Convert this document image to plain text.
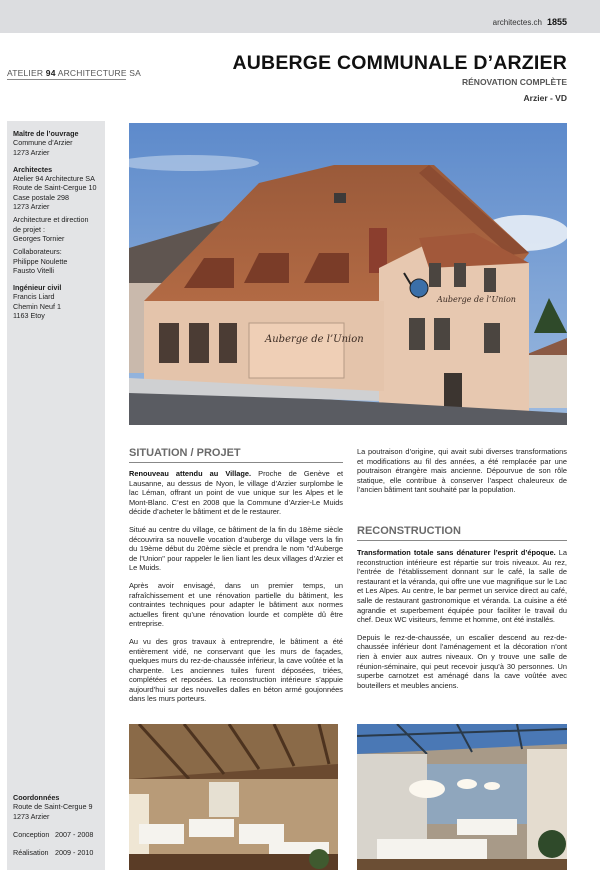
architectes.ch 1855
ATELIER 94 ARCHITECTURE SA	AUBERGE COMMUNALE D’ARZIER
RÉNOVATION COMPLÈTE
Arzier - VD
Maître de l’ouvrage
Commune d’Arzier
1273 Arzier
Architectes
Atelier 94 Architecture SA
Route de Saint-Cergue 10
Case postale 298
1273 Arzier
Architecture et direction
de projet :
Georges Tornier
Collaborateurs:
Philippe Noulette
Fausto Vitelli
Ingénieur civil
Francis Liard
Chemin Neuf 1
1163 Etoy
Coordonnées
Route de Saint-Cergue 9
1273 Arzier
Conception 2007 - 2008
Réalisation 2009 - 2010
Auberge de l’Union
Auberge de l’Union
SITUATION / PROJET

Renouveau attendu au Village. Proche de Genève et Lausanne, au dessus de Nyon, le village d’Arzier surplombe le lac Léman, offrant un point de vue unique sur les Alpes et le Mont-Blanc. C’est en 2008 que la Commune d’Arzier-Le Muids décide d’acheter le bâtiment et de le restaurer.

Situé au centre du village, ce bâtiment de la fin du 18ème siècle découvrira sa nouvelle vocation d’auberge du village vers la fin du 19ème début du 20ème siècle et prendra le nom "d’Auberge de l’Union" pour rappeler le lien liant les deux villages d’Arzier et Le Muids.

Après avoir envisagé, dans un premier temps, un rafraîchissement et une rénovation partielle du bâtiment, les contraintes techniques pour adapter le bâtiment aux normes actuelles firent qu’une rénovation lourde et complète dû être entreprise.

Au vu des gros travaux à entreprendre, le bâtiment a été entièrement vidé, ne conservant que les murs de façades, quelques murs du rez-de-chaussée inférieur, la cave voûtée et la charpente. Les anciennes tuiles furent déposées, triées, complétées et reposées. La reconstruction intérieure s’appuie aujourd’hui sur des nouvelles dalles en béton armé goujonnées dans les murs porteurs.

La poutraison d’origine, qui avait subi diverses transformations et modifications au fil des années, a été remplacée par une poutraison étrangère mais ancienne. Dépourvue de son rôle statique, elle contribue à conserver l’aspect chaleureux de l’ancien bâtiment tant souhaité par la population.

RECONSTRUCTION

Transformation totale sans dénaturer l’esprit d’époque. La reconstruction intérieure est répartie sur trois niveaux. Au rez, l’entrée de l’établissement donnant sur le café, la salle de restaurant et la véranda, qui offre une vue magnifique sur le Lac et Les Alpes. Au centre, le bar permet un service direct au café, salle de restaurant gastronomique et véranda. La cuisine a été agrandie et superbement équipée pour faciliter le travail du chef. Deux WC visiteurs, femme et homme, ont été installés.

Depuis le rez-de-chaussée, un escalier descend au rez-de-chaussée inférieur dont l’aménagement et la décoration n’ont rien à envier aux autres niveaux. On y trouve une salle de réunion-séminaire, qui peut recevoir jusqu’à 30 personnes. Un superbe carnotzet est aménagé dans la cave voûtée avec bouteillers et meubles anciens.
